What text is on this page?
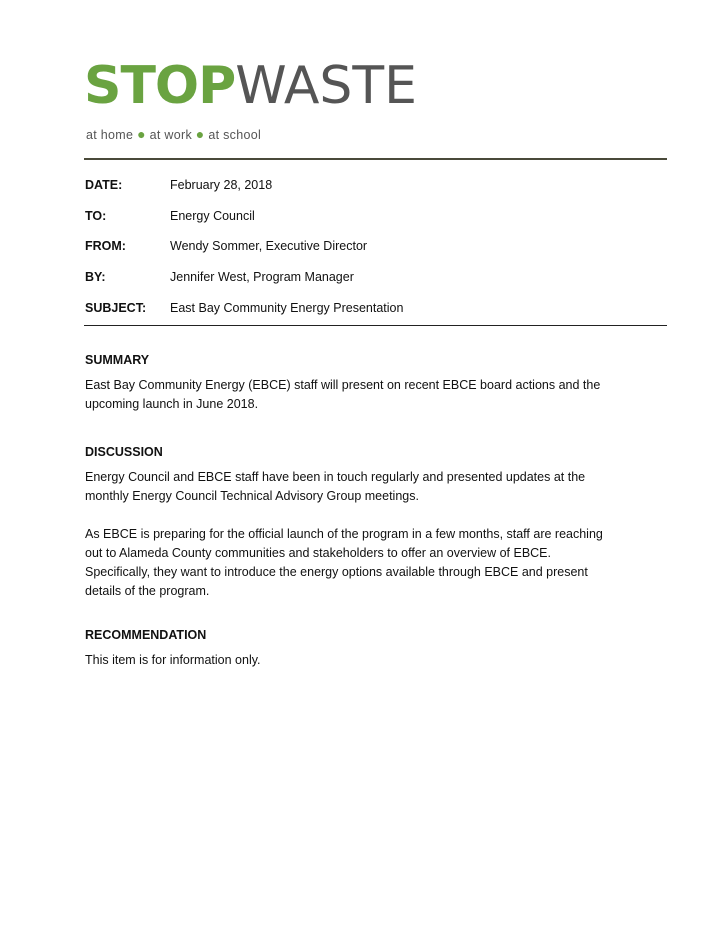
STOPWASTE
at home ● at work ● at school
DATE:	February 28, 2018
TO:	Energy Council
FROM:	Wendy Sommer, Executive Director
BY:	Jennifer West, Program Manager
SUBJECT: East Bay Community Energy Presentation
SUMMARY

East Bay Community Energy (EBCE) staff will present on recent EBCE board actions and the
upcoming launch in June 2018.

DISCUSSION

Energy Council and EBCE staff have been in touch regularly and presented updates at the
monthly Energy Council Technical Advisory Group meetings.

As EBCE is preparing for the official launch of the program in a few months, staff are reaching
out to Alameda County communities and stakeholders to offer an overview of EBCE.
Specifically, they want to introduce the energy options available through EBCE and present
details of the program.

RECOMMENDATION

This item is for information only.
